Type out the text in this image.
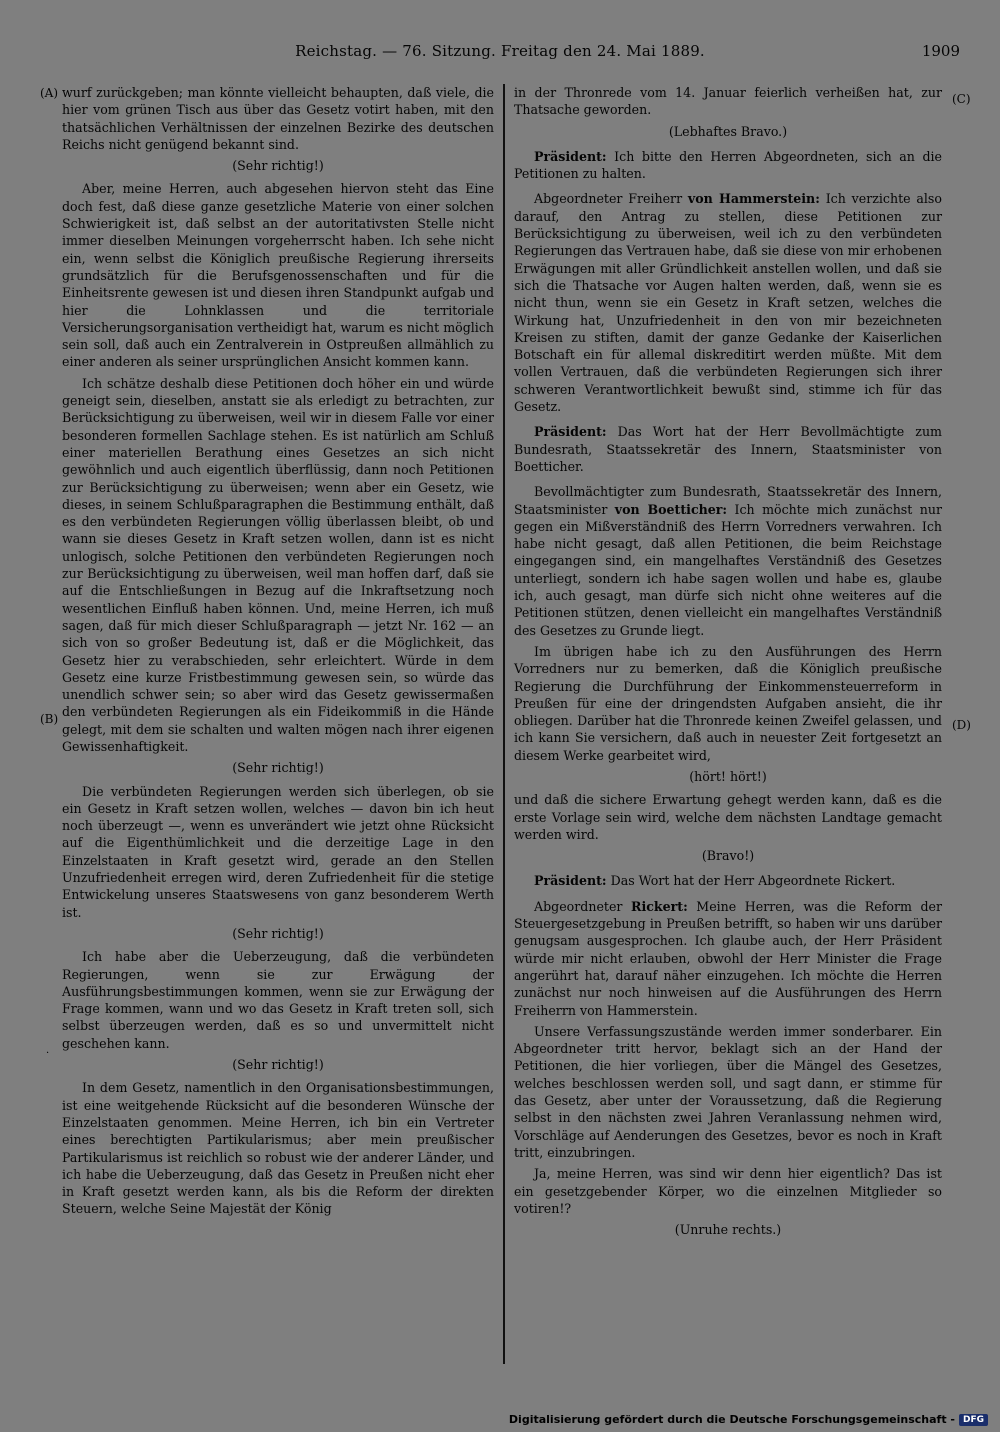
Reichstag. — 76. Sitzung. Freitag den 24. Mai 1889.	1909
(A)
(B)
(C)
(D)
·

wurf zurückgeben; man könnte vielleicht behaupten, daß viele, die hier vom grünen Tisch aus über das Gesetz votirt haben, mit den thatsächlichen Verhältnissen der einzelnen Bezirke des deutschen Reichs nicht genügend bekannt sind.

(Sehr richtig!)

Aber, meine Herren, auch abgesehen hiervon steht das Eine doch fest, daß diese ganze gesetzliche Materie von einer solchen Schwierigkeit ist, daß selbst an der autoritativsten Stelle nicht immer dieselben Meinungen vorgeherrscht haben. Ich sehe nicht ein, wenn selbst die Königlich preußische Regierung ihrerseits grundsätzlich für die Berufsgenossenschaften und für die Einheitsrente gewesen ist und diesen ihren Standpunkt aufgab und hier die Lohnklassen und die territoriale Versicherungsorganisation vertheidigt hat, warum es nicht möglich sein soll, daß auch ein Zentralverein in Ostpreußen allmählich zu einer anderen als seiner ursprünglichen Ansicht kommen kann.

Ich schätze deshalb diese Petitionen doch höher ein und würde geneigt sein, dieselben, anstatt sie als erledigt zu betrachten, zur Berücksichtigung zu überweisen, weil wir in diesem Falle vor einer besonderen formellen Sachlage stehen. Es ist natürlich am Schluß einer materiellen Berathung eines Gesetzes an sich nicht gewöhnlich und auch eigentlich überflüssig, dann noch Petitionen zur Berücksichtigung zu überweisen; wenn aber ein Gesetz, wie dieses, in seinem Schlußparagraphen die Bestimmung enthält, daß es den verbündeten Regierungen völlig überlassen bleibt, ob und wann sie dieses Gesetz in Kraft setzen wollen, dann ist es nicht unlogisch, solche Petitionen den verbündeten Regierungen noch zur Berücksichtigung zu überweisen, weil man hoffen darf, daß sie auf die Entschließungen in Bezug auf die Inkraftsetzung noch wesentlichen Einfluß haben können. Und, meine Herren, ich muß sagen, daß für mich dieser Schlußparagraph — jetzt Nr. 162 — an sich von so großer Bedeutung ist, daß er die Möglichkeit, das Gesetz hier zu verabschieden, sehr erleichtert. Würde in dem Gesetz eine kurze Fristbestimmung gewesen sein, so würde das unendlich schwer sein; so aber wird das Gesetz gewissermaßen den verbündeten Regierungen als ein Fideikommiß in die Hände gelegt, mit dem sie schalten und walten mögen nach ihrer eigenen Gewissenhaftigkeit.

(Sehr richtig!)

Die verbündeten Regierungen werden sich überlegen, ob sie ein Gesetz in Kraft setzen wollen, welches — davon bin ich heut noch überzeugt —, wenn es unverändert wie jetzt ohne Rücksicht auf die Eigenthümlichkeit und die derzeitige Lage in den Einzelstaaten in Kraft gesetzt wird, gerade an den Stellen Unzufriedenheit erregen wird, deren Zufriedenheit für die stetige Entwickelung unseres Staatswesens von ganz besonderem Werth ist.

(Sehr richtig!)

Ich habe aber die Ueberzeugung, daß die verbündeten Regierungen, wenn sie zur Erwägung der Ausführungsbestimmungen kommen, wenn sie zur Erwägung der Frage kommen, wann und wo das Gesetz in Kraft treten soll, sich selbst überzeugen werden, daß es so und unvermittelt nicht geschehen kann.

(Sehr richtig!)

In dem Gesetz, namentlich in den Organisationsbestimmungen, ist eine weitgehende Rücksicht auf die besonderen Wünsche der Einzelstaaten genommen. Meine Herren, ich bin ein Vertreter eines berechtigten Partikularismus; aber mein preußischer Partikularismus ist reichlich so robust wie der anderer Länder, und ich habe die Ueberzeugung, daß das Gesetz in Preußen nicht eher in Kraft gesetzt werden kann, als bis die Reform der direkten Steuern, welche Seine Majestät der König

in der Thronrede vom 14. Januar feierlich verheißen hat, zur Thatsache geworden.

(Lebhaftes Bravo.)

Präsident: Ich bitte den Herren Abgeordneten, sich an die Petitionen zu halten.

Abgeordneter Freiherr von Hammerstein: Ich verzichte also darauf, den Antrag zu stellen, diese Petitionen zur Berücksichtigung zu überweisen, weil ich zu den verbündeten Regierungen das Vertrauen habe, daß sie diese von mir erhobenen Erwägungen mit aller Gründlichkeit anstellen wollen, und daß sie sich die Thatsache vor Augen halten werden, daß, wenn sie es nicht thun, wenn sie ein Gesetz in Kraft setzen, welches die Wirkung hat, Unzufriedenheit in den von mir bezeichneten Kreisen zu stiften, damit der ganze Gedanke der Kaiserlichen Botschaft ein für allemal diskreditirt werden müßte. Mit dem vollen Vertrauen, daß die verbündeten Regierungen sich ihrer schweren Verantwortlichkeit bewußt sind, stimme ich für das Gesetz.

Präsident: Das Wort hat der Herr Bevollmächtigte zum Bundesrath, Staatssekretär des Innern, Staatsminister von Boetticher.

Bevollmächtigter zum Bundesrath, Staatssekretär des Innern, Staatsminister von Boetticher: Ich möchte mich zunächst nur gegen ein Mißverständniß des Herrn Vorredners verwahren. Ich habe nicht gesagt, daß allen Petitionen, die beim Reichstage eingegangen sind, ein mangelhaftes Verständniß des Gesetzes unterliegt, sondern ich habe sagen wollen und habe es, glaube ich, auch gesagt, man dürfe sich nicht ohne weiteres auf die Petitionen stützen, denen vielleicht ein mangelhaftes Verständniß des Gesetzes zu Grunde liegt.

Im übrigen habe ich zu den Ausführungen des Herrn Vorredners nur zu bemerken, daß die Königlich preußische Regierung die Durchführung der Einkommensteuerreform in Preußen für eine der dringendsten Aufgaben ansieht, die ihr obliegen. Darüber hat die Thronrede keinen Zweifel gelassen, und ich kann Sie versichern, daß auch in neuester Zeit fortgesetzt an diesem Werke gearbeitet wird,

(hört! hört!)

und daß die sichere Erwartung gehegt werden kann, daß es die erste Vorlage sein wird, welche dem nächsten Landtage gemacht werden wird.

(Bravo!)

Präsident: Das Wort hat der Herr Abgeordnete Rickert.

Abgeordneter Rickert: Meine Herren, was die Reform der Steuergesetzgebung in Preußen betrifft, so haben wir uns darüber genugsam ausgesprochen. Ich glaube auch, der Herr Präsident würde mir nicht erlauben, obwohl der Herr Minister die Frage angerührt hat, darauf näher einzugehen. Ich möchte die Herren zunächst nur noch hinweisen auf die Ausführungen des Herrn Freiherrn von Hammerstein.

Unsere Verfassungszustände werden immer sonderbarer. Ein Abgeordneter tritt hervor, beklagt sich an der Hand der Petitionen, die hier vorliegen, über die Mängel des Gesetzes, welches beschlossen werden soll, und sagt dann, er stimme für das Gesetz, aber unter der Voraussetzung, daß die Regierung selbst in den nächsten zwei Jahren Veranlassung nehmen wird, Vorschläge auf Aenderungen des Gesetzes, bevor es noch in Kraft tritt, einzubringen.

Ja, meine Herren, was sind wir denn hier eigentlich? Das ist ein gesetzgebender Körper, wo die einzelnen Mitglieder so votiren!?

(Unruhe rechts.)

Digitalisierung gefördert durch die Deutsche Forschungsgemeinschaft - DFG
